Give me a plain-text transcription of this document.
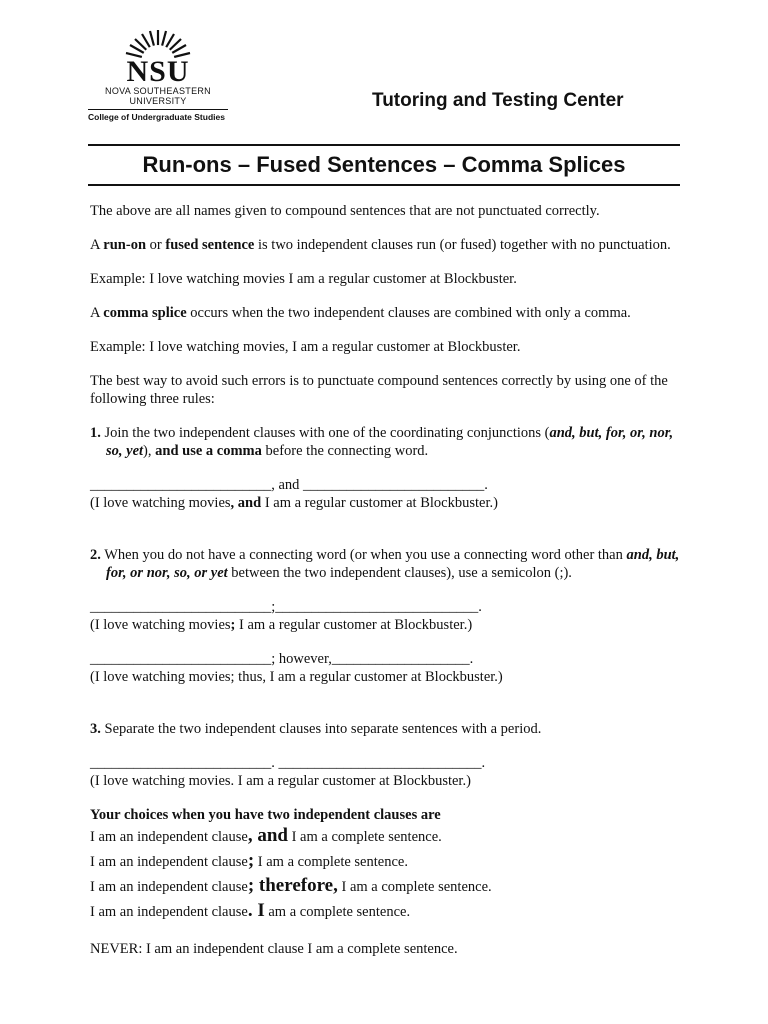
NSU
NOVA SOUTHEASTERN
UNIVERSITY
College of Undergraduate Studies
Tutoring and Testing Center
Run-ons – Fused Sentences – Comma Splices

The above are all names given to compound sentences that are not punctuated correctly.

A run-on or fused sentence is two independent clauses run (or fused) together with no punctuation.

Example: I love watching movies I am a regular customer at Blockbuster.

A comma splice occurs when the two independent clauses are combined with only a comma.

Example: I love watching movies, I am a regular customer at Blockbuster.

The best way to avoid such errors is to punctuate compound sentences correctly by using one of the following three rules:

1. Join the two independent clauses with one of the coordinating conjunctions (and, but, for, or, nor, so, yet), and use a comma before the connecting word.

_________________________, and _________________________.

(I love watching movies, and I am a regular customer at Blockbuster.)

2. When you do not have a connecting word (or when you use a connecting word other than and, but, for, or nor, so, or yet between the two independent clauses), use a semicolon (;).

_________________________;____________________________.

(I love watching movies; I am a regular customer at Blockbuster.)

_________________________; however,___________________.

(I love watching movies; thus, I am a regular customer at Blockbuster.)

3. Separate the two independent clauses into separate sentences with a period.

_________________________. ____________________________.

(I love watching movies. I am a regular customer at Blockbuster.)

Your choices when you have two independent clauses are

I am an independent clause, and I am a complete sentence.
I am an independent clause; I am a complete sentence.
I am an independent clause; therefore, I am a complete sentence.
I am an independent clause. I am a complete sentence.

NEVER: I am an independent clause I am a complete sentence.
